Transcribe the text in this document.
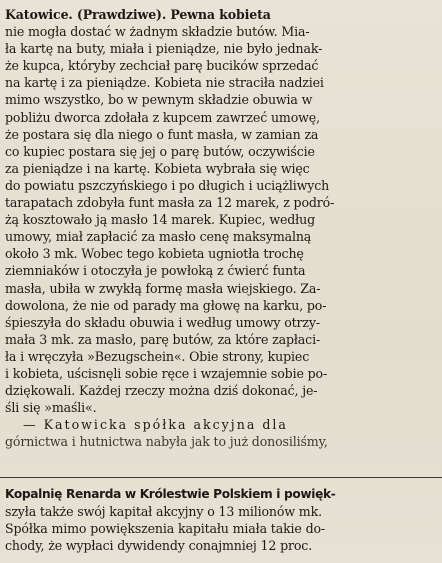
Katowice. (Prawdziwe). Pewna kobieta
nie mogła dostać w żadnym składzie butów. Mia-
ła kartę na buty, miała i pieniądze, nie było jednak-
że kupca, któryby zechciał parę bucików sprzedać
na kartę i za pieniądze. Kobieta nie straciła nadziei
mimo wszystko, bo w pewnym składzie obuwia w
pobliżu dworca zdołała z kupcem zawrzeć umowę,
że postara się dla niego o funt masła, w zamian za
co kupiec postara się jej o parę butów, oczywiście
za pieniądze i na kartę. Kobieta wybrała się więc
do powiatu pszczyńskiego i po długich i uciążliwych
tarapatach zdobyła funt masła za 12 marek, z podró-
żą kosztowało ją masło 14 marek. Kupiec, według
umowy, miał zapłacić za masło cenę maksymalną
około 3 mk. Wobec tego kobieta ugniotła trochę
ziemniaków i otoczyła je powłoką z ćwierć funta
masła, ubiła w zwykłą formę masła wiejskiego. Za-
dowolona, że nie od parady ma głowę na karku, po-
śpieszyła do składu obuwia i według umowy otrzy-
mała 3 mk. za masło, parę butów, za które zapłaci-
ła i wręczyła »Bezugschein«. Obie strony, kupiec
i kobieta, uścisnęli sobie ręce i wzajemnie sobie po-
dziękowali. Każdej rzeczy można dziś dokonać, je-
śli się »maśli«.
— Katowicka spółka akcyjna dla
górnictwa i hutnictwa nabyła jak to już donosiliśmy,
Kopalnię Renarda w Królestwie Polskiem i powięk-
szyła także swój kapitał akcyjny o 13 milionów mk.
Spółka mimo powiększenia kapitału miała takie do-
chody, że wypłaci dywidendy conajmniej 12 proc.
